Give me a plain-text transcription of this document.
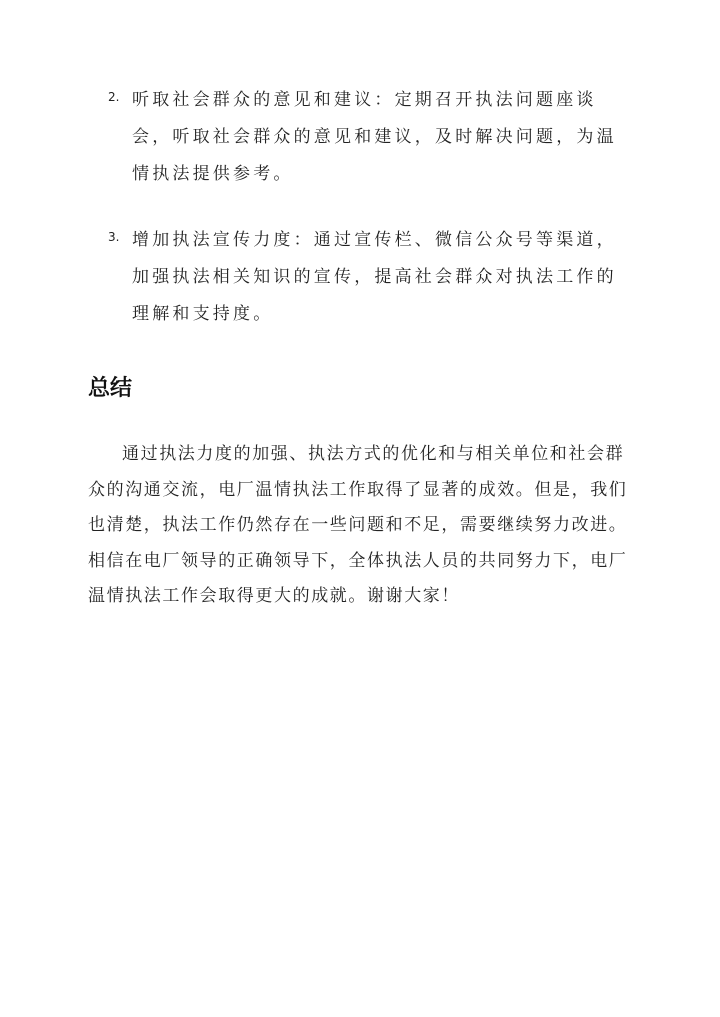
2. 听取社会群众的意见和建议：定期召开执法问题座谈会，听取社会群众的意见和建议，及时解决问题，为温情执法提供参考。
3. 增加执法宣传力度：通过宣传栏、微信公众号等渠道，加强执法相关知识的宣传，提高社会群众对执法工作的理解和支持度。
总结

通过执法力度的加强、执法方式的优化和与相关单位和社会群众的沟通交流，电厂温情执法工作取得了显著的成效。但是，我们也清楚，执法工作仍然存在一些问题和不足，需要继续努力改进。相信在电厂领导的正确领导下，全体执法人员的共同努力下，电厂温情执法工作会取得更大的成就。谢谢大家！
